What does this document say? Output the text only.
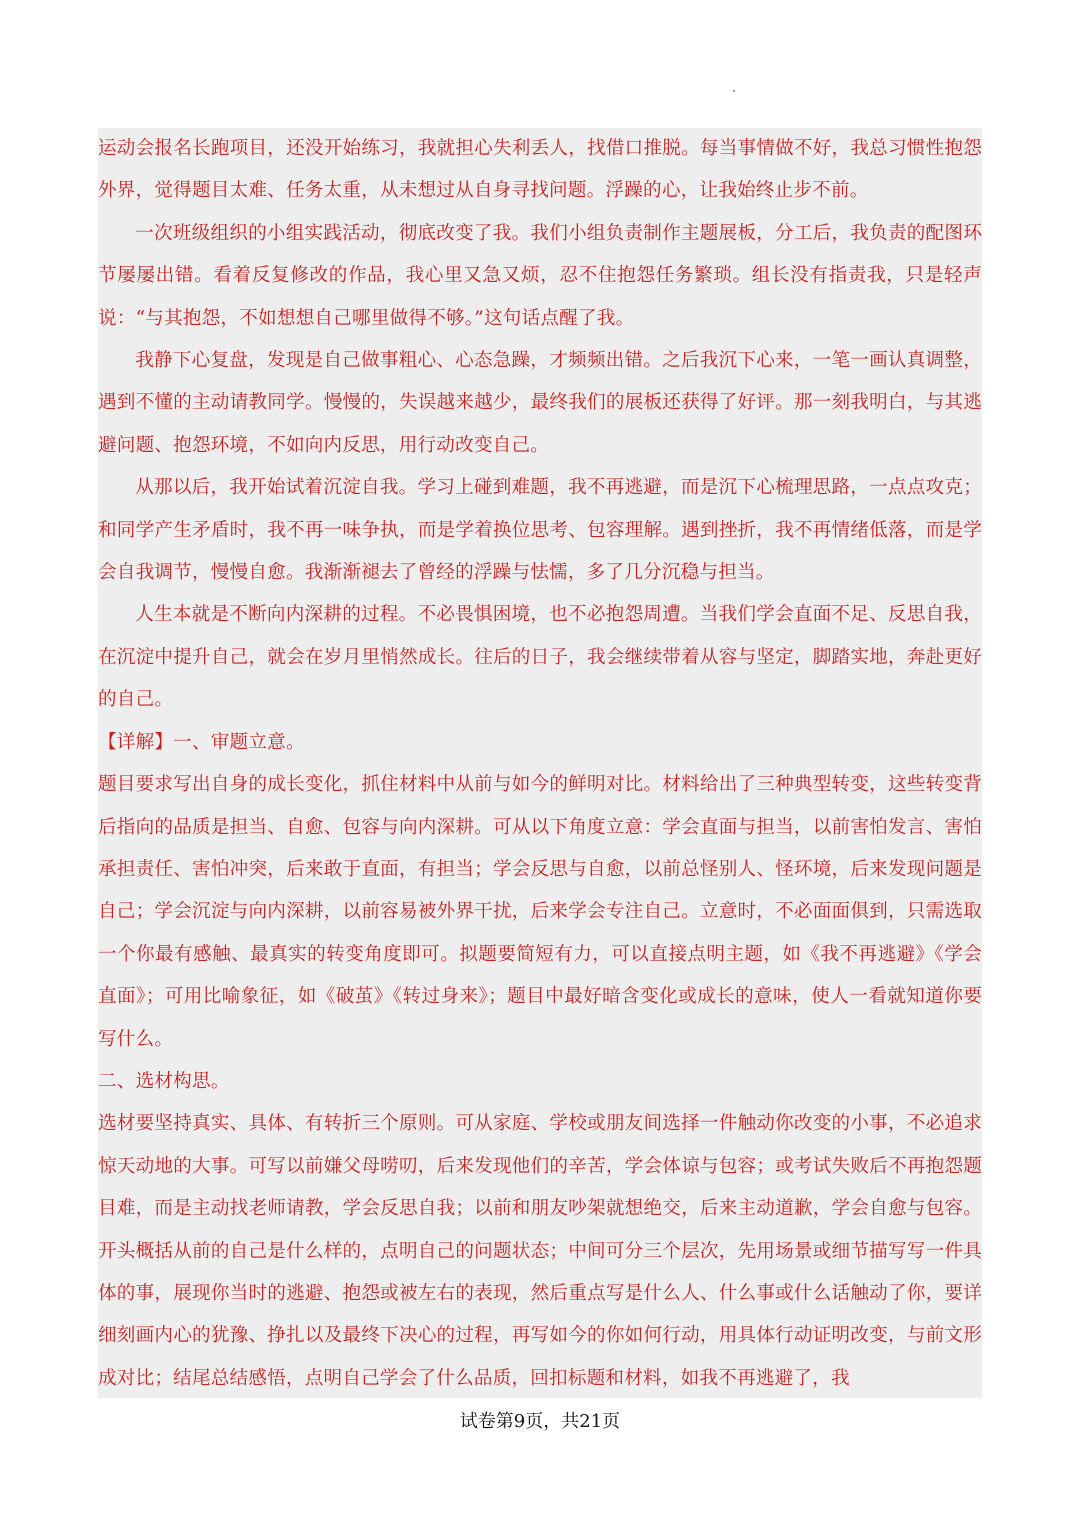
运动会报名长跑项目，还没开始练习，我就担心失利丢人，找借口推脱。每当事情做不好，我总习惯性抱怨外界，觉得题目太难、任务太重，从未想过从自身寻找问题。浮躁的心，让我始终止步不前。

一次班级组织的小组实践活动，彻底改变了我。我们小组负责制作主题展板，分工后，我负责的配图环节屡屡出错。看着反复修改的作品，我心里又急又烦，忍不住抱怨任务繁琐。组长没有指责我，只是轻声说：“与其抱怨，不如想想自己哪里做得不够。”这句话点醒了我。

我静下心复盘，发现是自己做事粗心、心态急躁，才频频出错。之后我沉下心来，一笔一画认真调整，遇到不懂的主动请教同学。慢慢的，失误越来越少，最终我们的展板还获得了好评。那一刻我明白，与其逃避问题、抱怨环境，不如向内反思，用行动改变自己。

从那以后，我开始试着沉淀自我。学习上碰到难题，我不再逃避，而是沉下心梳理思路，一点点攻克；和同学产生矛盾时，我不再一味争执，而是学着换位思考、包容理解。遇到挫折，我不再情绪低落，而是学会自我调节，慢慢自愈。我渐渐褪去了曾经的浮躁与怯懦，多了几分沉稳与担当。

人生本就是不断向内深耕的过程。不必畏惧困境，也不必抱怨周遭。当我们学会直面不足、反思自我，在沉淀中提升自己，就会在岁月里悄然成长。往后的日子，我会继续带着从容与坚定，脚踏实地，奔赴更好的自己。

【详解】一、审题立意。

题目要求写出自身的成长变化，抓住材料中从前与如今的鲜明对比。材料给出了三种典型转变，这些转变背后指向的品质是担当、自愈、包容与向内深耕。可从以下角度立意：学会直面与担当，以前害怕发言、害怕承担责任、害怕冲突，后来敢于直面，有担当；学会反思与自愈，以前总怪别人、怪环境，后来发现问题是自己；学会沉淀与向内深耕，以前容易被外界干扰，后来学会专注自己。立意时，不必面面俱到，只需选取一个你最有感触、最真实的转变角度即可。拟题要简短有力，可以直接点明主题，如《我不再逃避》《学会直面》；可用比喻象征，如《破茧》《转过身来》；题目中最好暗含变化或成长的意味，使人一看就知道你要写什么。

二、选材构思。

选材要坚持真实、具体、有转折三个原则。可从家庭、学校或朋友间选择一件触动你改变的小事，不必追求惊天动地的大事。可写以前嫌父母唠叨，后来发现他们的辛苦，学会体谅与包容；或考试失败后不再抱怨题目难，而是主动找老师请教，学会反思自我；以前和朋友吵架就想绝交，后来主动道歉，学会自愈与包容。开头概括从前的自己是什么样的，点明自己的问题状态；中间可分三个层次，先用场景或细节描写写一件具体的事，展现你当时的逃避、抱怨或被左右的表现，然后重点写是什么人、什么事或什么话触动了你，要详细刻画内心的犹豫、挣扎以及最终下决心的过程，再写如今的你如何行动，用具体行动证明改变，与前文形成对比；结尾总结感悟，点明自己学会了什么品质，回扣标题和材料，如我不再逃避了，我

试卷第9页，共21页
